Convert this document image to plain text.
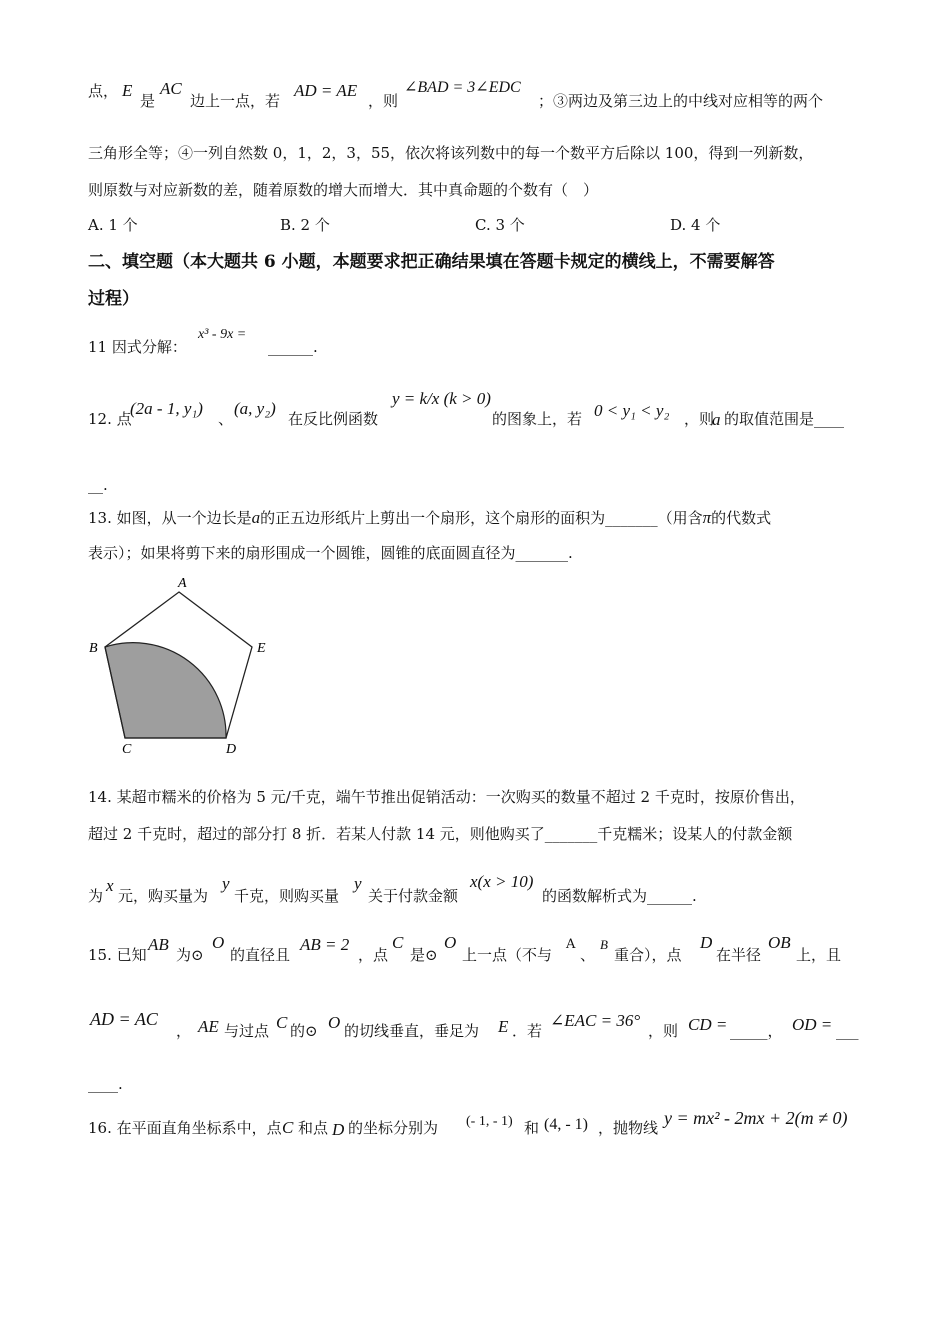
点， E
是
AC
边上一点，若
AD = AE
，则
∠BAD = 3∠EDC
；③两边及第三边上的中线对应相等的两个
三角形全等；④一列自然数 0，1，2，3，55，依次将该列数中的每一个数平方后除以 100，得到一列新数，
则原数与对应新数的差，随着原数的增大而增大．其中真命题的个数有（　）
A. 1 个	B. 2 个	C. 3 个	D. 4 个
二、填空题（本大题共 6 小题，本题要求把正确结果填在答题卡规定的横线上，不需要解答
过程）
11 因式分解：
x³ - 9x =
______.
12. 点
(2a - 1, y₁)
、
(a, y₂)
在反比例函数
y = k/x (k > 0)
的图象上，若 0 < y₁ < y₂ ，则
a 的取值范围是____
__.
13. 如图，从一个边长是a的正五边形纸片上剪出一个扇形，这个扇形的面积为_______（用含π的代数式
表示）；如果将剪下来的扇形围成一个圆锥，圆锥的底面圆直径为_______.
A
B	E
C	D
14. 某超市糯米的价格为 5 元/千克，端午节推出促销活动：一次购买的数量不超过 2 千克时，按原价售出，
超过 2 千克时，超过的部分打 8 折．若某人付款 14 元，则他购买了_______千克糯米；设某人的付款金额
为
x
元，购买量为
y
千克，则购买量
y
关于付款金额
x(x > 10)
的函数解析式为______.
15. 已知
AB
为⊙
O
的直径且
AB = 2
，点
C
是⊙
O
上一点（不与
A
、
B
重合），点
D
在半径
OB
上，且
AD = AC
， AE 与过点 C 的⊙ O 的切线垂直，垂足为 E ．若
∠EAC = 36°
，则 CD = _____， OD = ___
____.
16. 在平面直角坐标系中，点 C 和点 D 的坐标分别为 (- 1, - 1) 和 (4, - 1) ，抛物线 y = mx² - 2mx + 2(m ≠ 0)
